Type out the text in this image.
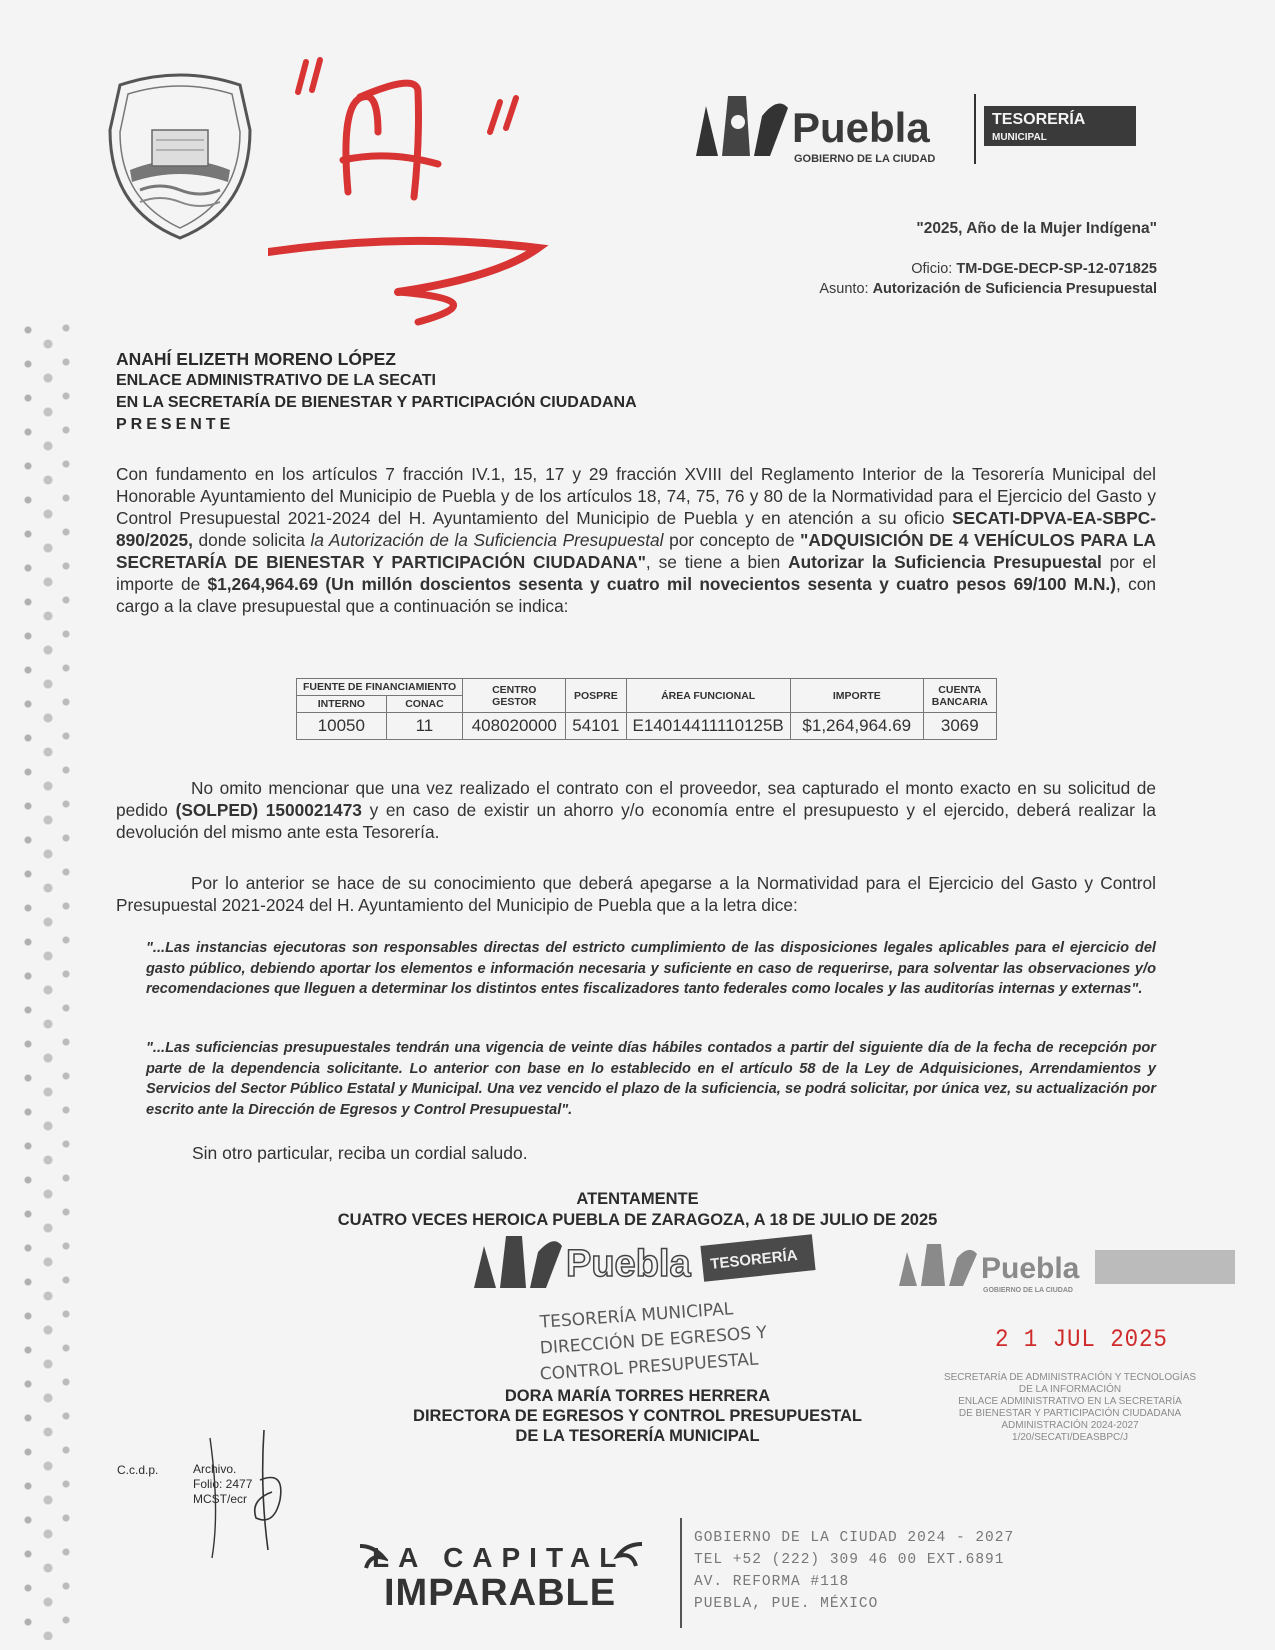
Puebla
GOBIERNO DE LA CIUDAD
TESORERÍA
MUNICIPAL
"2025, Año de la Mujer Indígena"
Oficio: TM-DGE-DECP-SP-12-071825
Asunto: Autorización de Suficiencia Presupuestal
ANAHÍ ELIZETH MORENO LÓPEZ
ENLACE ADMINISTRATIVO DE LA SECATI
EN LA SECRETARÍA DE BIENESTAR Y PARTICIPACIÓN CIUDADANA
PRESENTE
Con fundamento en los artículos 7 fracción IV.1, 15, 17 y 29 fracción XVIII del Reglamento Interior de la Tesorería Municipal del Honorable Ayuntamiento del Municipio de Puebla y de los artículos 18, 74, 75, 76 y 80 de la Normatividad para el Ejercicio del Gasto y Control Presupuestal 2021-2024 del H. Ayuntamiento del Municipio de Puebla y en atención a su oficio SECATI-DPVA-EA-SBPC-890/2025, donde solicita la Autorización de la Suficiencia Presupuestal por concepto de "ADQUISICIÓN DE 4 VEHÍCULOS PARA LA SECRETARÍA DE BIENESTAR Y PARTICIPACIÓN CIUDADANA", se tiene a bien Autorizar la Suficiencia Presupuestal por el importe de $1,264,964.69 (Un millón doscientos sesenta y cuatro mil novecientos sesenta y cuatro pesos 69/100 M.N.), con cargo a la clave presupuestal que a continuación se indica:
FUENTE DE FINANCIAMIENTO		CENTRO GESTOR	POSPRE	ÁREA FUNCIONAL	IMPORTE	CUENTA BANCARIA
INTERNO	CONAC					
10050	11	408020000	54101	E14014411110125B	$1,264,964.69	3069
No omito mencionar que una vez realizado el contrato con el proveedor, sea capturado el monto exacto en su solicitud de pedido (SOLPED) 1500021473 y en caso de existir un ahorro y/o economía entre el presupuesto y el ejercido, deberá realizar la devolución del mismo ante esta Tesorería.
Por lo anterior se hace de su conocimiento que deberá apegarse a la Normatividad para el Ejercicio del Gasto y Control Presupuestal 2021-2024 del H. Ayuntamiento del Municipio de Puebla que a la letra dice:
"...Las instancias ejecutoras son responsables directas del estricto cumplimiento de las disposiciones legales aplicables para el ejercicio del gasto público, debiendo aportar los elementos e información necesaria y suficiente en caso de requerirse, para solventar las observaciones y/o recomendaciones que lleguen a determinar los distintos entes fiscalizadores tanto federales como locales y las auditorías internas y externas".
"...Las suficiencias presupuestales tendrán una vigencia de veinte días hábiles contados a partir del siguiente día de la fecha de recepción por parte de la dependencia solicitante. Lo anterior con base en lo establecido en el artículo 58 de la Ley de Adquisiciones, Arrendamientos y Servicios del Sector Público Estatal y Municipal. Una vez vencido el plazo de la suficiencia, se podrá solicitar, por única vez, su actualización por escrito ante la Dirección de Egresos y Control Presupuestal".
Sin otro particular, reciba un cordial saludo.
ATENTAMENTE
CUATRO VECES HEROICA PUEBLA DE ZARAGOZA, A 18 DE JULIO DE 2025
Puebla TESORERÍA
TESORERÍA MUNICIPAL
DIRECCIÓN DE EGRESOS Y
CONTROL PRESUPUESTAL
DORA MARÍA TORRES HERRERA
DIRECTORA DE EGRESOS Y CONTROL PRESUPUESTAL
DE LA TESORERÍA MUNICIPAL
Puebla
GOBIERNO DE LA CIUDAD
2 1 JUL 2025
SECRETARÍA DE ADMINISTRACIÓN Y TECNOLOGÍAS
DE LA INFORMACIÓN
ENLACE ADMINISTRATIVO EN LA SECRETARÍA
DE BIENESTAR Y PARTICIPACIÓN CIUDADANA
ADMINISTRACIÓN 2024-2027
1/20/SECATI/DEASBPC/J
C.c.d.p.	Archivo.
Folio: 2477
MCST/ecr
LA CAPITAL
IMPARABLE
GOBIERNO DE LA CIUDAD 2024 - 2027
TEL +52 (222) 309 46 00 EXT.6891
AV. REFORMA #118
PUEBLA, PUE. MÉXICO
